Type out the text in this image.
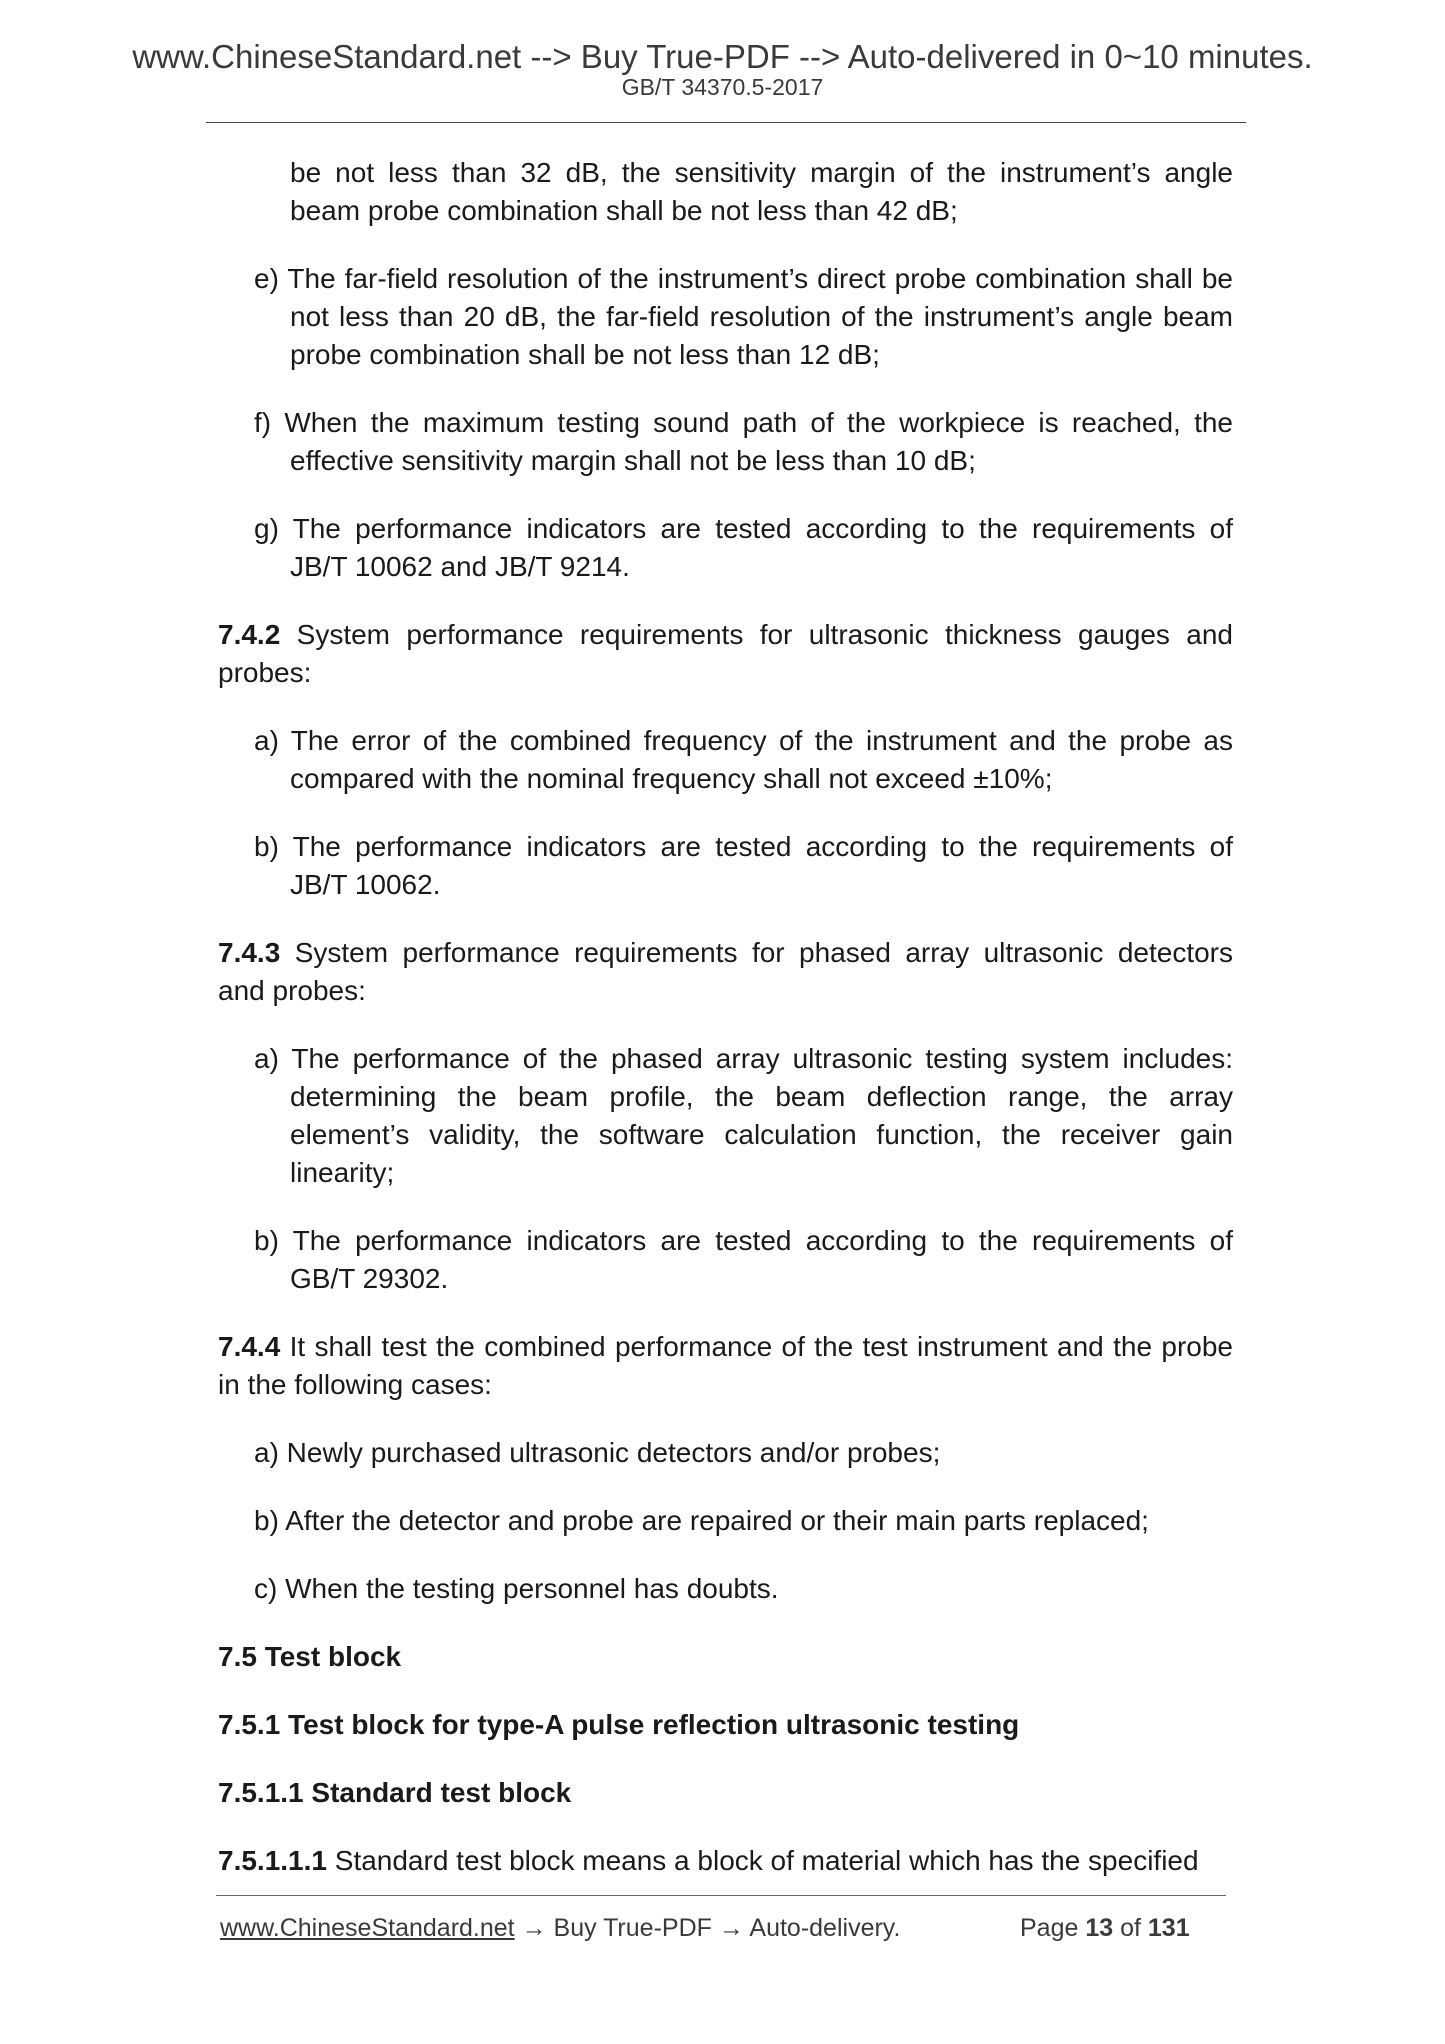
www.ChineseStandard.net --> Buy True-PDF --> Auto-delivered in 0~10 minutes.
GB/T 34370.5-2017

be not less than 32 dB, the sensitivity margin of the instrument’s angle beam probe combination shall be not less than 42 dB;

e) The far-field resolution of the instrument’s direct probe combination shall be not less than 20 dB, the far-field resolution of the instrument’s angle beam probe combination shall be not less than 12 dB;

f) When the maximum testing sound path of the workpiece is reached, the effective sensitivity margin shall not be less than 10 dB;

g) The performance indicators are tested according to the requirements of JB/T 10062 and JB/T 9214.

7.4.2 System performance requirements for ultrasonic thickness gauges and probes:

a) The error of the combined frequency of the instrument and the probe as compared with the nominal frequency shall not exceed ±10%;

b) The performance indicators are tested according to the requirements of JB/T 10062.

7.4.3 System performance requirements for phased array ultrasonic detectors and probes:

a) The performance of the phased array ultrasonic testing system includes: determining the beam profile, the beam deflection range, the array element’s validity, the software calculation function, the receiver gain linearity;

b) The performance indicators are tested according to the requirements of GB/T 29302.

7.4.4 It shall test the combined performance of the test instrument and the probe in the following cases:

a) Newly purchased ultrasonic detectors and/or probes;

b) After the detector and probe are repaired or their main parts replaced;

c) When the testing personnel has doubts.

7.5 Test block

7.5.1 Test block for type-A pulse reflection ultrasonic testing

7.5.1.1 Standard test block

7.5.1.1.1 Standard test block means a block of material which has the specified

www.ChineseStandard.net → Buy True-PDF → Auto-delivery.	Page 13 of 131
